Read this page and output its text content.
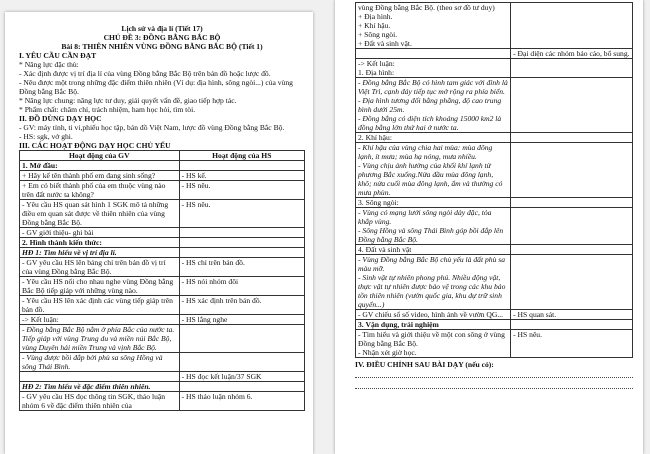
Lịch sử và địa lí (Tiết 17)

CHỦ ĐỀ 3: ĐỒNG BẰNG BẮC BỘ

Bài 8: THIÊN NHIÊN VÙNG ĐỒNG BẰNG BẮC BỘ (Tiết 1)

I. YÊU CẦU CẦN ĐẠT

* Năng lực đặc thù:

- Xác định được vị trí địa lí của vùng Đồng bằng Bắc Bộ trên bản đồ hoặc lược đồ.

- Nêu được một trong những đặc điểm thiên nhiên (Ví dụ: địa hình, sông ngòi...) của vùng Đồng bằng Bắc Bộ.

* Năng lực chung: năng lực tư duy, giải quyết vấn đề, giao tiếp hợp tác.

* Phẩm chất: chăm chỉ, trách nhiệm, ham học hỏi, tìm tòi.

II. ĐỒ DÙNG DẠY HỌC

- GV: máy tính, ti vi,phiếu học tập, bản đồ Việt Nam, lược đồ vùng Đồng bằng Bắc Bộ.

- HS: sgk, vở ghi.

III. CÁC HOẠT ĐỘNG DẠY HỌC CHỦ YẾU

Hoạt động của GV	Hoạt động của HS
1. Mở đầu:	
+ Hãy kể tên thành phố em đang sinh sống?	- HS kể.
+ Em có biết thành phố của em thuộc vùng nào trên đất nước ta không?	- HS nêu.
- Yêu cầu HS quan sát hình 1 SGK mô tả những điều em quan sát được về thiên nhiên của vùng Đồng bằng Bắc Bộ.	- HS nêu.
- GV giới thiệu- ghi bài	
2. Hình thành kiến thức:	
HĐ 1: Tìm hiểu về vị trí địa lí.	
- GV yêu cầu HS lên bảng chỉ trên bản đồ vị trí của vùng Đồng bằng Bắc Bộ.	- HS chỉ trên bản đồ.
- Yêu cầu HS nối cho nhau nghe vùng Đồng bằng Bắc Bộ tiếp giáp với những vùng nào.	- HS nói nhóm đôi
- Yêu cầu HS lên xác định các vùng tiếp giáp trên bản đồ.	- HS xác định trên bản đồ.
-> Kết luận:	- HS lắng nghe
- Đồng bằng Bắc Bộ nằm ở phía Bắc của nước ta. Tiếp giáp với vùng Trung du và miền núi Bắc Bộ, vùng Duyên hải miền Trung và vịnh Bắc Bộ.	
- Vùng được bồi đắp bởi phù sa sông Hồng và sông Thái Bình.	
	- HS đọc kết luận/37 SGK
HĐ 2: Tìm hiểu về đặc điểm thiên nhiên.	
- GV yêu cầu HS đọc thông tin SGK, thảo luận nhóm 6 về đặc điểm thiên nhiên của	- HS thảo luận nhóm 6.
vùng Đồng bằng Bắc Bộ. (theo sơ đồ tư duy)
+ Địa hình.
+ Khí hậu.
+ Sông ngòi.
+ Đất và sinh vật.	
	- Đại diện các nhóm báo cáo, bổ sung.
-> Kết luận:
1. Địa hình:	
- Đồng bằng Bắc Bộ có hình tam giác với đỉnh là Việt Trì, cạnh đáy tiếp tục mở rộng ra phía biển.
- Địa hình tương đối bằng phẳng, độ cao trung bình dưới 25m.
- Đồng bằng có diện tích khoảng 15000 km2 là đồng bằng lớn thứ hai ở nước ta.	
2. Khí hậu:	
- Khí hậu của vùng chia hai mùa: mùa đông lạnh, ít mưa; mùa hạ nóng, mưa nhiều.
- Vùng chịu ảnh hưởng của khối khí lạnh từ phương Bắc xuống.Nửa đầu mùa đông lạnh, khô; nửa cuối mùa đông lạnh, ẩm và thường có mưa phùn.	
3. Sông ngòi:	
- Vùng có mạng lưới sông ngòi dày đặc, tỏa khắp vùng.
- Sông Hồng và sông Thái Bình góp bồi đắp lên Đồng bằng Bắc Bộ.	
4. Đất và sinh vật	
- Vùng Đồng bằng Bắc Bộ chủ yếu là đất phù sa màu mỡ.
- Sinh vật tự nhiên phong phú. Nhiều động vật, thực vật tự nhiên được bảo vệ trong các khu bảo tồn thiên nhiên (vườn quốc gia, khu dự trữ sinh quyển...)	
- GV chiếu số số video, hình ảnh về vườn QG...	- HS quan sát.
3. Vận dụng, trải nghiệm	
- Tìm hiểu và giới thiệu về một con sông ở vùng Đồng bằng Bắc Bộ.
- Nhận xét giờ học.	- HS nêu.

IV. ĐIỀU CHỈNH SAU BÀI DẠY (nếu có):
